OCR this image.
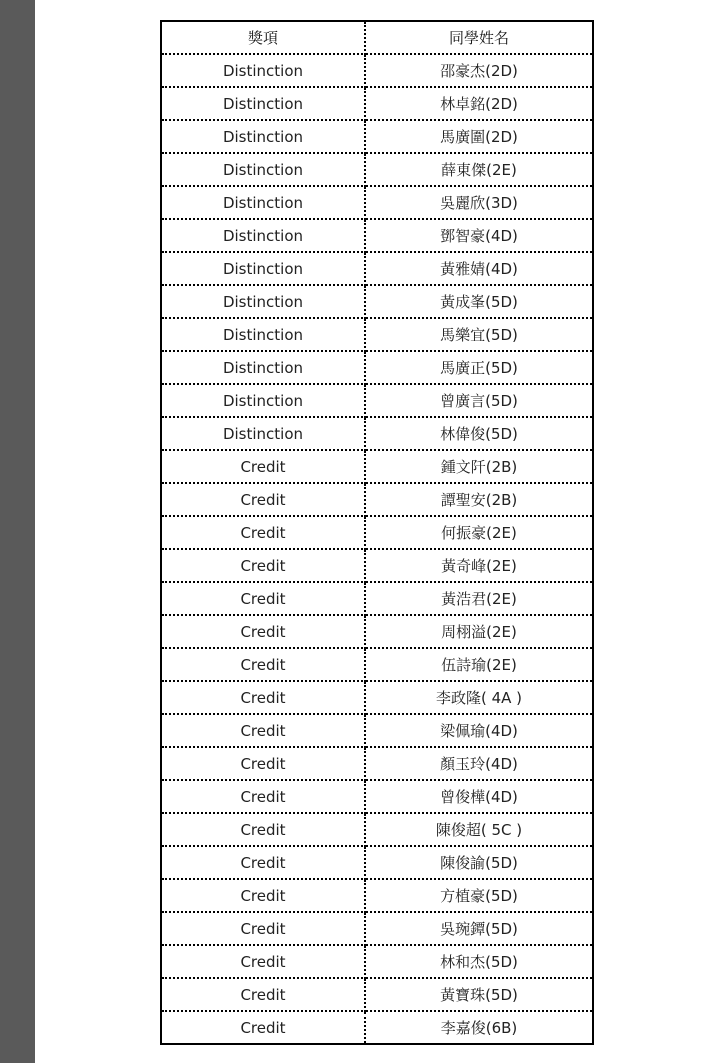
獎項	同學姓名
Distinction	邵豪杰(2D)
Distinction	林卓銘(2D)
Distinction	馬廣圍(2D)
Distinction	薛東傑(2E)
Distinction	吳麗欣(3D)
Distinction	鄧智豪(4D)
Distinction	黃雅婧(4D)
Distinction	黃成峯(5D)
Distinction	馬樂宜(5D)
Distinction	馬廣正(5D)
Distinction	曾廣言(5D)
Distinction	林偉俊(5D)
Credit	鍾文阡(2B)
Credit	譚聖安(2B)
Credit	何振豪(2E)
Credit	黃奇峰(2E)
Credit	黃浩君(2E)
Credit	周栩溢(2E)
Credit	伍詩瑜(2E)
Credit	李政隆( 4A )
Credit	梁佩瑜(4D)
Credit	顏玉玲(4D)
Credit	曾俊樺(4D)
Credit	陳俊超( 5C )
Credit	陳俊諭(5D)
Credit	方植豪(5D)
Credit	吳琬鐔(5D)
Credit	林和杰(5D)
Credit	黃寶珠(5D)
Credit	李嘉俊(6B)
